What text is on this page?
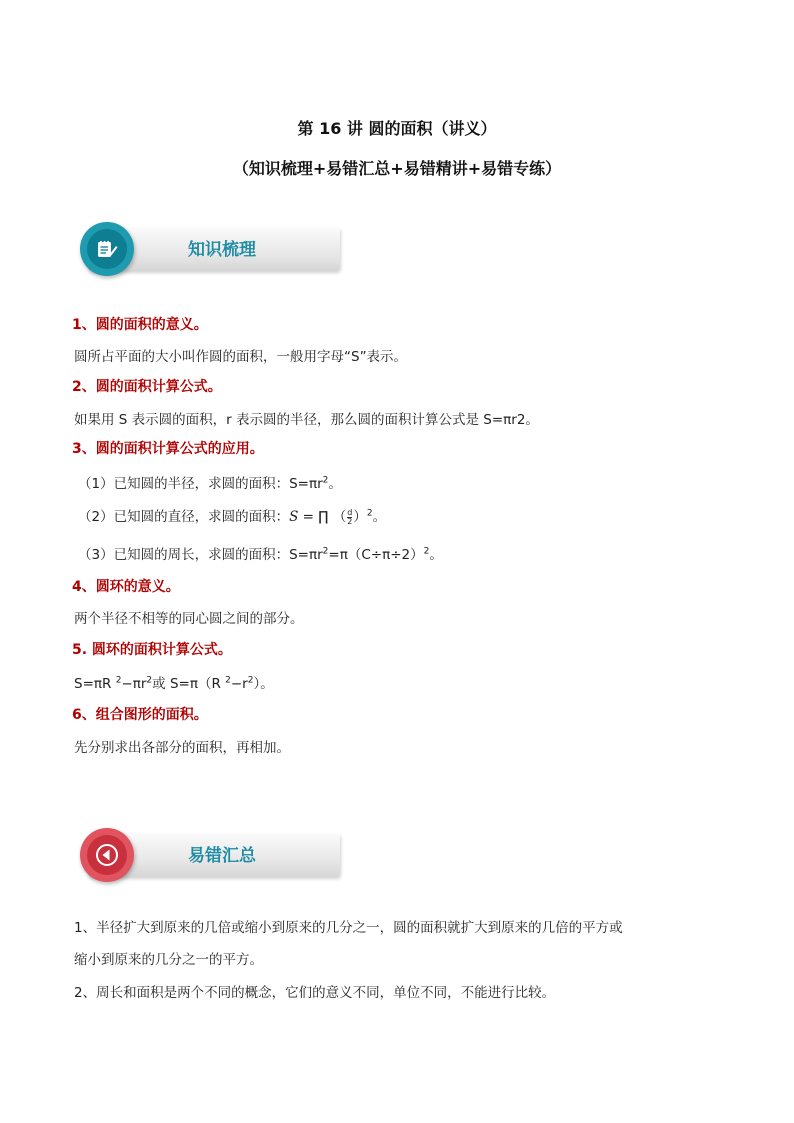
第 16 讲 圆的面积（讲义）
（知识梳理+易错汇总+易错精讲+易错专练）
知识梳理
1、圆的面积的意义。
圆所占平面的大小叫作圆的面积，一般用字母“S”表示。
2、圆的面积计算公式。
如果用 S 表示圆的面积，r 表示圆的半径，那么圆的面积计算公式是 S=πr2。
3、圆的面积计算公式的应用。
（1）已知圆的半径，求圆的面积：$S=\pi r^2$。
（2）已知圆的直径，求圆的面积：S = ∏ （ $\frac{d}{2} )^2$。
（3）已知圆的周长，求圆的面积：$S=\pi r^2=\pi(C\div\pi\div 2)^2$。
4、圆环的意义。
两个半径不相等的同心圆之间的部分。
5. 圆环的面积计算公式。
S=πR $^2-\pi r^2$或 S=π（R $^2-r^2$）。
6、组合图形的面积。
先分别求出各部分的面积，再相加。
易错汇总
1、半径扩大到原来的几倍或缩小到原来的几分之一，圆的面积就扩大到原来的几倍的平方或
缩小到原来的几分之一的平方。
2、周长和面积是两个不同的概念，它们的意义不同，单位不同，不能进行比较。
